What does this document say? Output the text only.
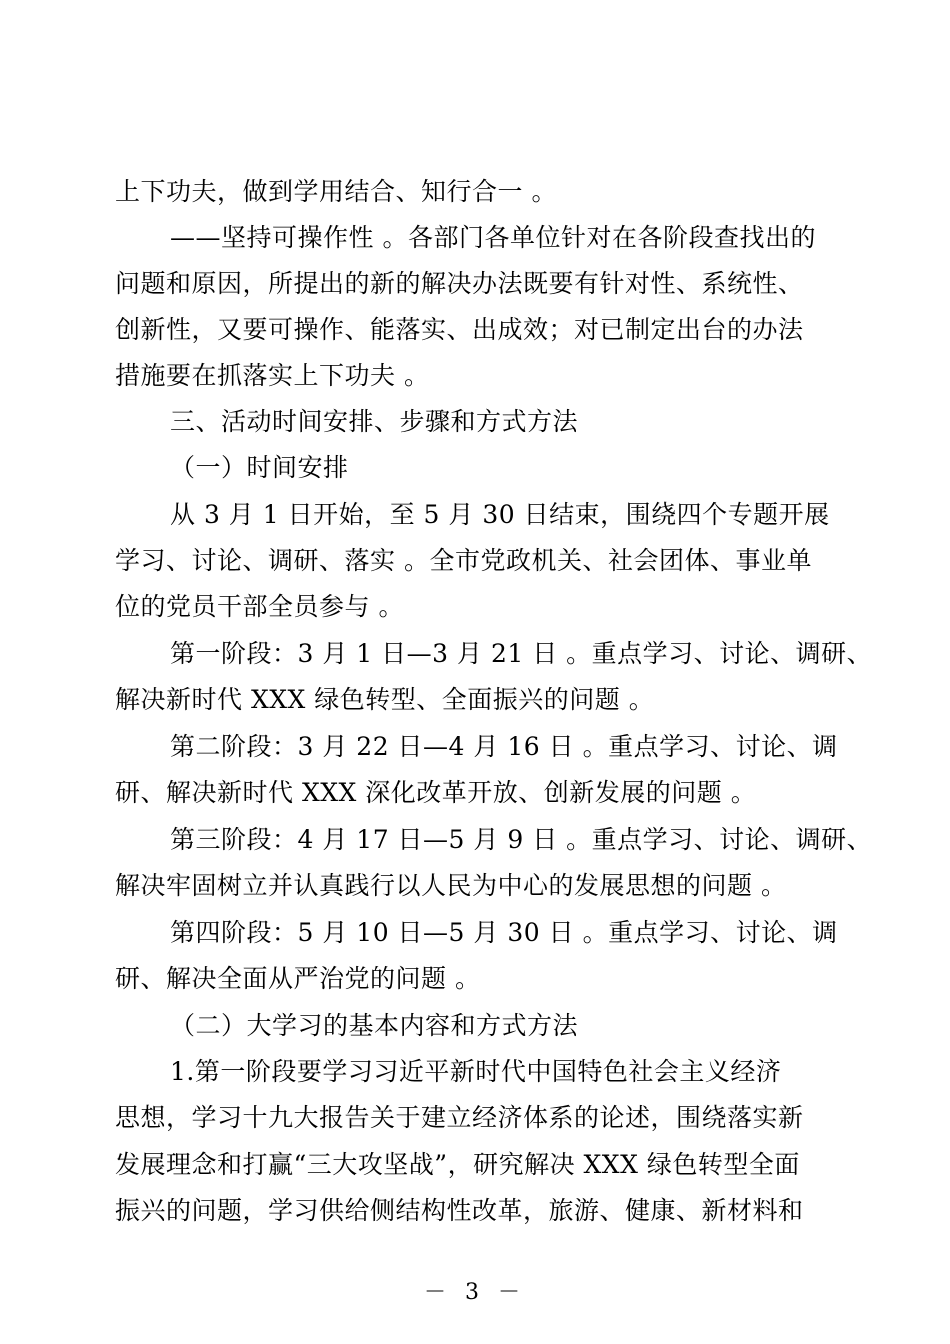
上下功夫，做到学用结合、知行合一 。
——坚持可操作性 。各部门各单位针对在各阶段查找出的
问题和原因，所提出的新的解决办法既要有针对性、系统性、
创新性，又要可操作、能落实、出成效；对已制定出台的办法
措施要在抓落实上下功夫 。
三、活动时间安排、步骤和方式方法
（一）时间安排
从 3 月 1 日开始，至 5 月 30 日结束，围绕四个专题开展
学习、讨论、调研、落实 。全市党政机关、社会团体、事业单
位的党员干部全员参与 。
第一阶段：3 月 1 日—3 月 21 日 。重点学习、讨论、调研、
解决新时代 XXX 绿色转型、全面振兴的问题 。
第二阶段：3 月 22 日—4 月 16 日 。重点学习、讨论、调
研、解决新时代 XXX 深化改革开放、创新发展的问题 。
第三阶段：4 月 17 日—5 月 9 日 。重点学习、讨论、调研、
解决牢固树立并认真践行以人民为中心的发展思想的问题 。
第四阶段：5 月 10 日—5 月 30 日 。重点学习、讨论、调
研、解决全面从严治党的问题 。
（二）大学习的基本内容和方式方法
1.第一阶段要学习习近平新时代中国特色社会主义经济
思想，学习十九大报告关于建立经济体系的论述，围绕落实新
发展理念和打赢“三大攻坚战”，研究解决 XXX 绿色转型全面
振兴的问题，学习供给侧结构性改革，旅游、健康、新材料和
－ 3 －
